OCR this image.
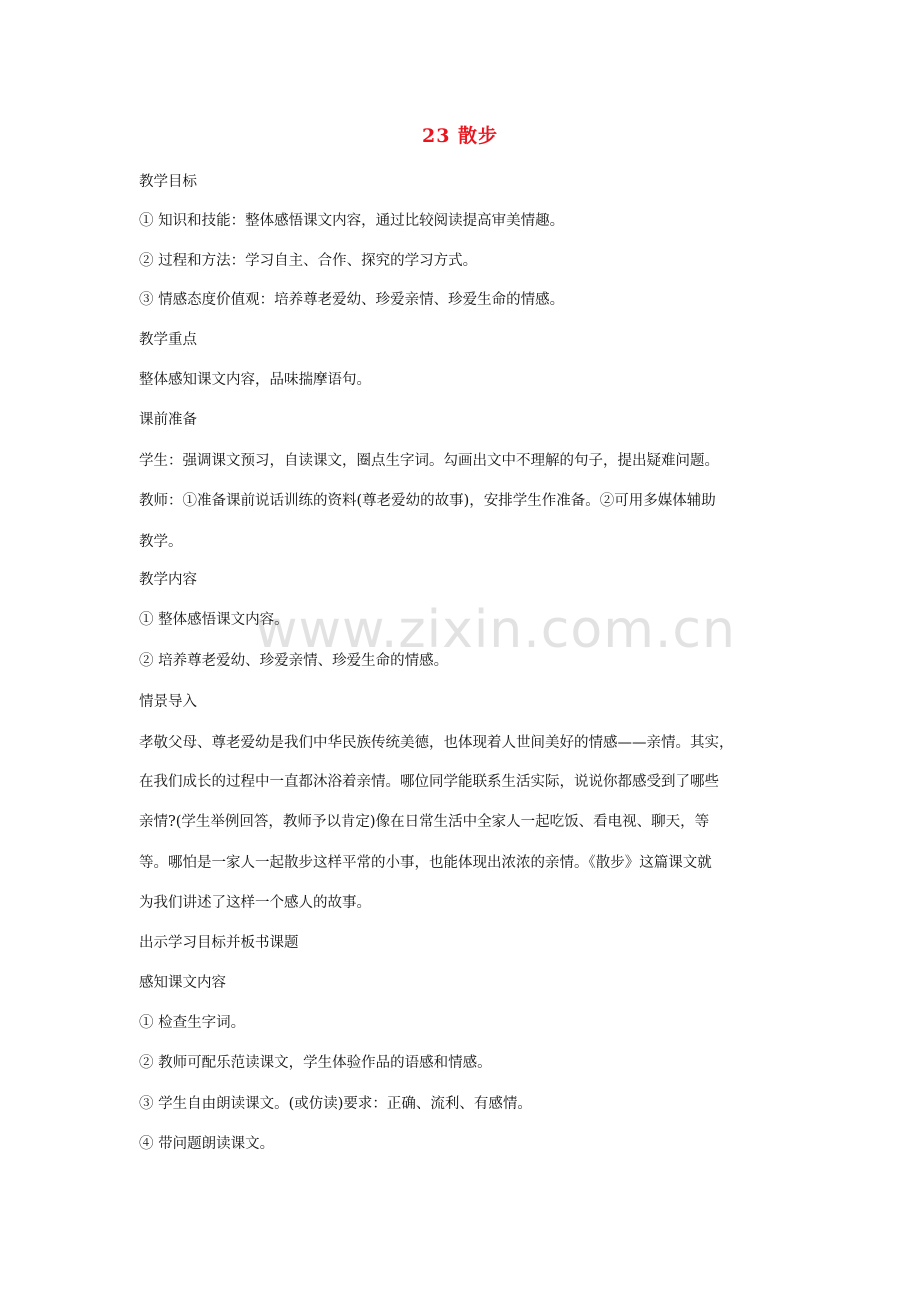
23 散步
www.zixin.com.cn
教学目标
① 知识和技能：整体感悟课文内容，通过比较阅读提高审美情趣。
② 过程和方法：学习自主、合作、探究的学习方式。
③ 情感态度价值观：培养尊老爱幼、珍爱亲情、珍爱生命的情感。
教学重点
整体感知课文内容，品味揣摩语句。
课前准备
学生：强调课文预习，自读课文，圈点生字词。勾画出文中不理解的句子，提出疑难问题。
教师：①准备课前说话训练的资料(尊老爱幼的故事)，安排学生作准备。②可用多媒体辅助
教学。
教学内容
① 整体感悟课文内容。
② 培养尊老爱幼、珍爱亲情、珍爱生命的情感。
情景导入
孝敬父母、尊老爱幼是我们中华民族传统美德，也体现着人世间美好的情感——亲情。其实，
在我们成长的过程中一直都沐浴着亲情。哪位同学能联系生活实际，说说你都感受到了哪些
亲情?(学生举例回答，教师予以肯定)像在日常生活中全家人一起吃饭、看电视、聊天，等
等。哪怕是一家人一起散步这样平常的小事，也能体现出浓浓的亲情。《散步》这篇课文就
为我们讲述了这样一个感人的故事。
出示学习目标并板书课题
感知课文内容
① 检查生字词。
② 教师可配乐范读课文，学生体验作品的语感和情感。
③ 学生自由朗读课文。(或仿读)要求：正确、流利、有感情。
④ 带问题朗读课文。
